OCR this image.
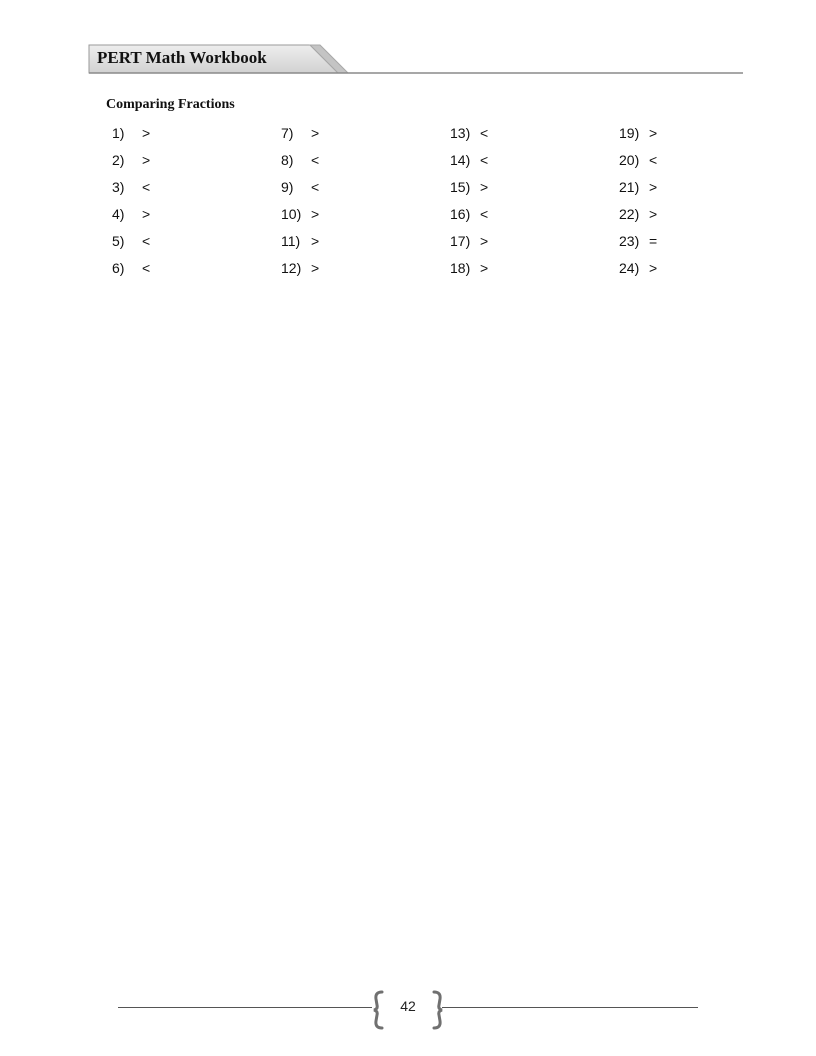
PERT Math Workbook
Comparing Fractions
1) >
2) >
3) <
4) >
5) <
6) <
7) >
8) <
9) <
10) >
11) >
12) >
13) <
14) <
15) >
16) <
17) >
18) >
19) >
20) <
21) >
22) >
23) =
24) >
42
